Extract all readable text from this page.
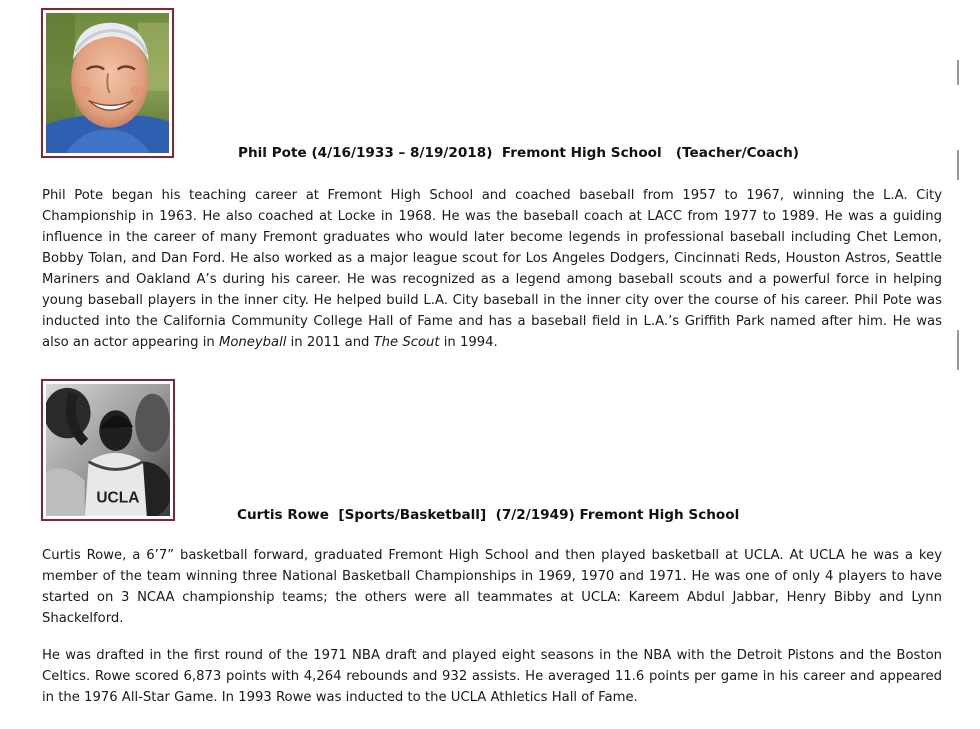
Phil Pote (4/16/1933 – 8/19/2018)  Fremont High School   (Teacher/Coach)

Phil Pote began his teaching career at Fremont High School and coached baseball from 1957 to 1967, winning the L.A. City Championship in 1963. He also coached at Locke in 1968. He was the baseball coach at LACC from 1977 to 1989. He was a guiding influence in the career of many Fremont graduates who would later become legends in professional baseball including Chet Lemon, Bobby Tolan, and Dan Ford. He also worked as a major league scout for Los Angeles Dodgers, Cincinnati Reds, Houston Astros, Seattle Mariners and Oakland A’s during his career. He was recognized as a legend among baseball scouts and a powerful force in helping young baseball players in the inner city. He helped build L.A. City baseball in the inner city over the course of his career. Phil Pote was inducted into the California Community College Hall of Fame and has a baseball field in L.A.’s Griffith Park named after him. He was also an actor appearing in Moneyball in 2011 and The Scout in 1994.

UCLA
Curtis Rowe  [Sports/Basketball]  (7/2/1949) Fremont High School

Curtis Rowe, a 6’7” basketball forward, graduated Fremont High School and then played basketball at UCLA. At UCLA he was a key member of the team winning three National Basketball Championships in 1969, 1970 and 1971. He was one of only 4 players to have started on 3 NCAA championship teams; the others were all teammates at UCLA: Kareem Abdul Jabbar, Henry Bibby and Lynn Shackelford.

He was drafted in the first round of the 1971 NBA draft and played eight seasons in the NBA with the Detroit Pistons and the Boston Celtics. Rowe scored 6,873 points with 4,264 rebounds and 932 assists. He averaged 11.6 points per game in his career and appeared in the 1976 All-Star Game. In 1993 Rowe was inducted to the UCLA Athletics Hall of Fame.
